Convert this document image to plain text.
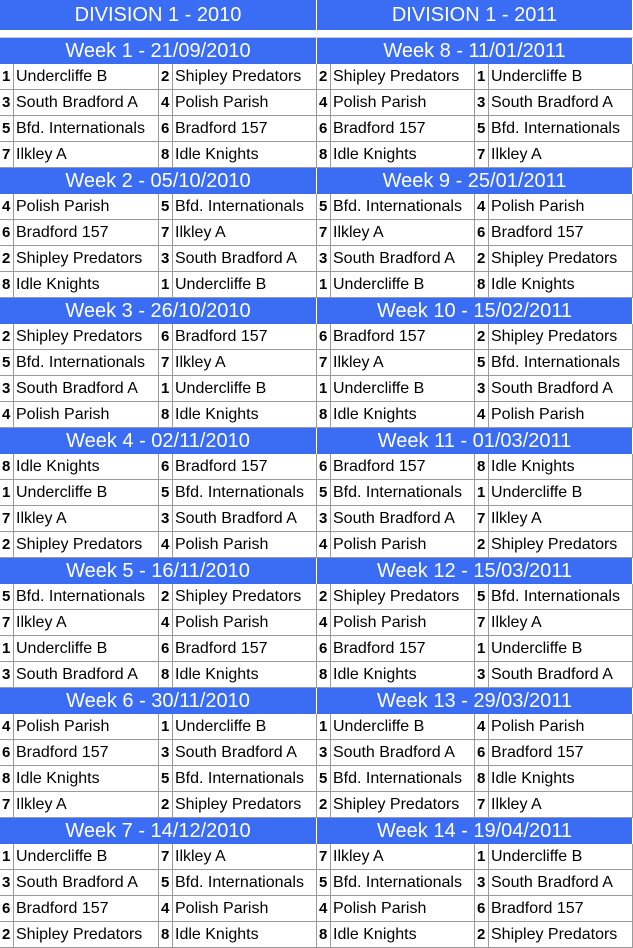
DIVISION 1 - 2010	DIVISION 1 - 2011
Week 1 - 21/09/2010	Week 8 - 11/01/2011
1 Undercliffe B	2 Shipley Predators	2 Shipley Predators	1 Undercliffe B
3 South Bradford A	4 Polish Parish	4 Polish Parish	3 South Bradford A
5 Bfd. Internationals	6 Bradford 157	6 Bradford 157	5 Bfd. Internationals
7 Ilkley A	8 Idle Knights	8 Idle Knights	7 Ilkley A
Week 2 - 05/10/2010	Week 9 - 25/01/2011
4 Polish Parish	5 Bfd. Internationals	5 Bfd. Internationals	4 Polish Parish
6 Bradford 157	7 Ilkley A	7 Ilkley A	6 Bradford 157
2 Shipley Predators	3 South Bradford A	3 South Bradford A	2 Shipley Predators
8 Idle Knights	1 Undercliffe B	1 Undercliffe B	8 Idle Knights
Week 3 - 26/10/2010	Week 10 - 15/02/2011
2 Shipley Predators	6 Bradford 157	6 Bradford 157	2 Shipley Predators
5 Bfd. Internationals	7 Ilkley A	7 Ilkley A	5 Bfd. Internationals
3 South Bradford A	1 Undercliffe B	1 Undercliffe B	3 South Bradford A
4 Polish Parish	8 Idle Knights	8 Idle Knights	4 Polish Parish
Week 4 - 02/11/2010	Week 11 - 01/03/2011
8 Idle Knights	6 Bradford 157	6 Bradford 157	8 Idle Knights
1 Undercliffe B	5 Bfd. Internationals	5 Bfd. Internationals	1 Undercliffe B
7 Ilkley A	3 South Bradford A	3 South Bradford A	7 Ilkley A
2 Shipley Predators	4 Polish Parish	4 Polish Parish	2 Shipley Predators
Week 5 - 16/11/2010	Week 12 - 15/03/2011
5 Bfd. Internationals	2 Shipley Predators	2 Shipley Predators	5 Bfd. Internationals
7 Ilkley A	4 Polish Parish	4 Polish Parish	7 Ilkley A
1 Undercliffe B	6 Bradford 157	6 Bradford 157	1 Undercliffe B
3 South Bradford A	8 Idle Knights	8 Idle Knights	3 South Bradford A
Week 6 - 30/11/2010	Week 13 - 29/03/2011
4 Polish Parish	1 Undercliffe B	1 Undercliffe B	4 Polish Parish
6 Bradford 157	3 South Bradford A	3 South Bradford A	6 Bradford 157
8 Idle Knights	5 Bfd. Internationals	5 Bfd. Internationals	8 Idle Knights
7 Ilkley A	2 Shipley Predators	2 Shipley Predators	7 Ilkley A
Week 7 - 14/12/2010	Week 14 - 19/04/2011
1 Undercliffe B	7 Ilkley A	7 Ilkley A	1 Undercliffe B
3 South Bradford A	5 Bfd. Internationals	5 Bfd. Internationals	3 South Bradford A
6 Bradford 157	4 Polish Parish	4 Polish Parish	6 Bradford 157
2 Shipley Predators	8 Idle Knights	8 Idle Knights	2 Shipley Predators
